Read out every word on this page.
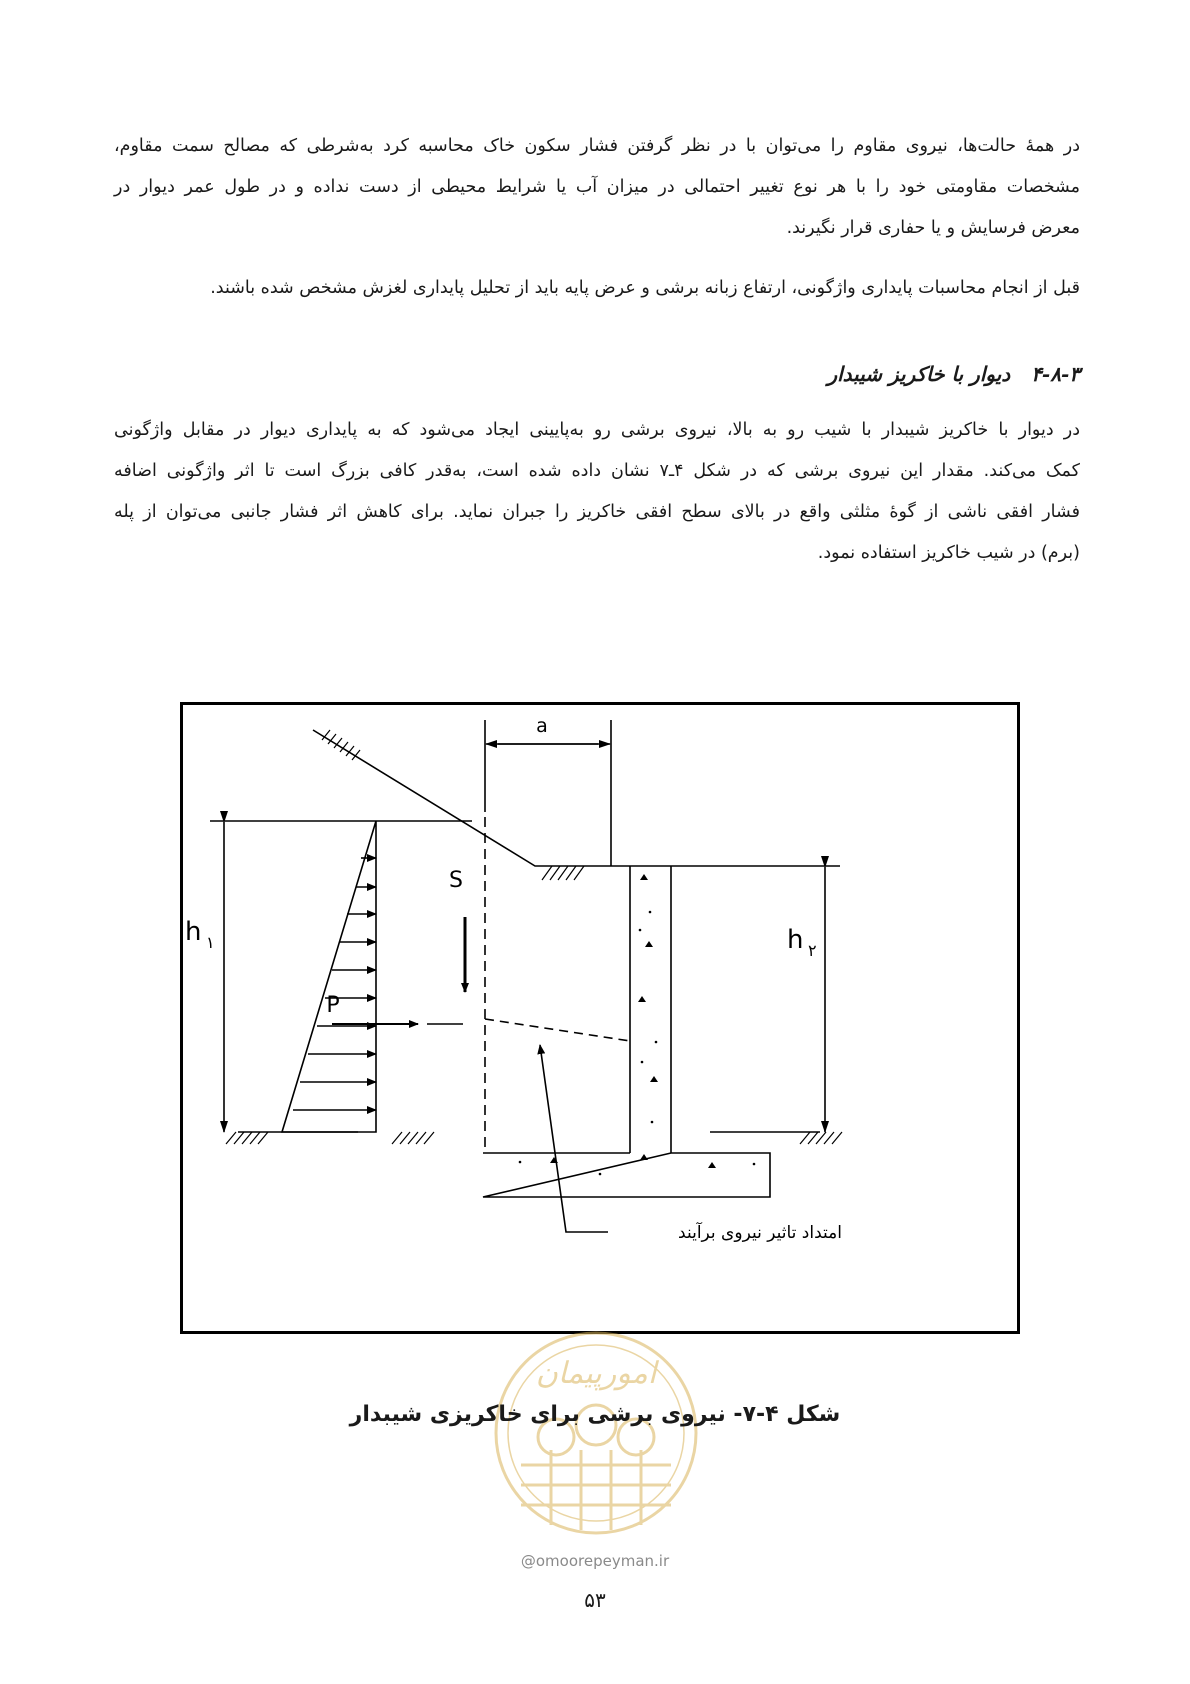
در همهٔ حالت‌ها، نیروی مقاوم را می‌توان با در نظر گرفتن فشار سکون خاک محاسبه کرد به‌شرطی که مصالح سمت مقاوم،
مشخصات مقاومتی خود را با هر نوع تغییر احتمالی در میزان آب یا شرایط محیطی از دست نداده و در طول عمر دیوار در
معرض فرسایش و یا حفاری قرار نگیرند.
قبل از انجام محاسبات پایداری واژگونی، ارتفاع زبانه برشی و عرض پایه باید از تحلیل پایداری لغزش مشخص شده باشند.
۴-۸-۳ دیوار با خاکریز شیبدار
در دیوار با خاکریز شیبدار با شیب رو به بالا، نیروی برشی رو به‌پایینی ایجاد می‌شود که به پایداری دیوار در مقابل واژگونی
کمک می‌کند. مقدار این نیروی برشی که در شکل ۴ـ۷ نشان داده شده است، به‌قدر کافی بزرگ است تا اثر واژگونی اضافه
فشار افقی ناشی از گوهٔ مثلثی واقع در بالای سطح افقی خاکریز را جبران نماید. برای کاهش اثر فشار جانبی می‌توان از پله
(برم) در شیب خاکریز استفاده نمود.
a
S
P
h ۱	h ۲
امتداد تاثیر نیروی برآیند
امورپیمان
شکل ۴-۷- نیروی برشی برای خاکریزی شیبدار
@omoorepeyman.ir
۵۳
